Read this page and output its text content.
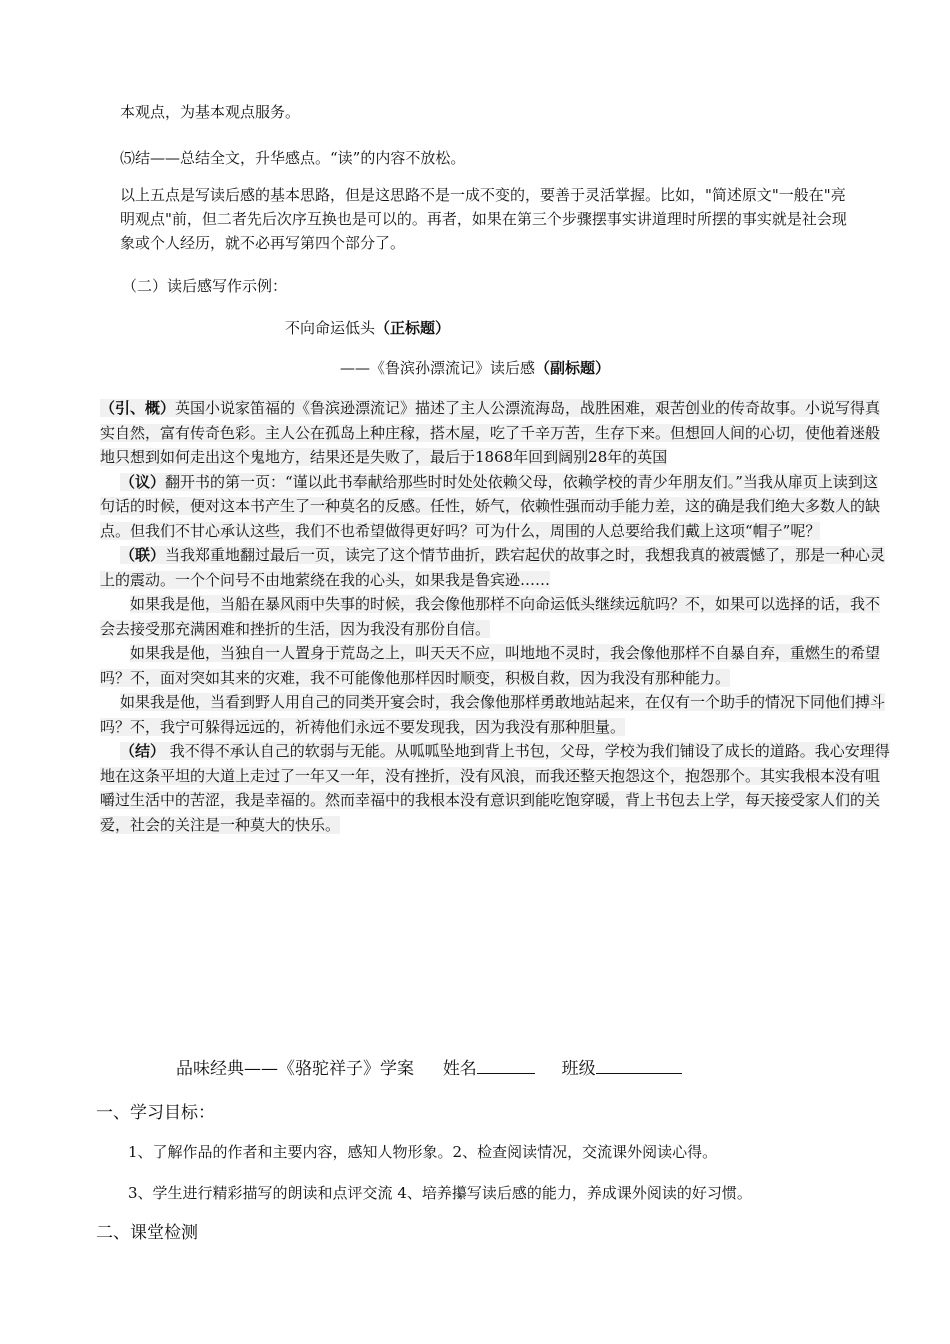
本观点，为基本观点服务。
⑸结——总结全文，升华感点。“读”的内容不放松。
以上五点是写读后感的基本思路，但是这思路不是一成不变的，要善于灵活掌握。比如，"简述原文"一般在"亮明观点"前，但二者先后次序互换也是可以的。再者，如果在第三个步骤摆事实讲道理时所摆的事实就是社会现象或个人经历，就不必再写第四个部分了。
（二）读后感写作示例：
不向命运低头（正标题）
——《鲁滨孙漂流记》读后感（副标题）
（引、概）英国小说家笛福的《鲁滨逊漂流记》描述了主人公漂流海岛，战胜困难，艰苦创业的传奇故事。小说写得真实自然，富有传奇色彩。主人公在孤岛上种庄稼，搭木屋，吃了千辛万苦，生存下来。但想回人间的心切，使他着迷般地只想到如何走出这个鬼地方，结果还是失败了，最后于1868年回到阔别28年的英国
（议）翻开书的第一页：“谨以此书奉献给那些时时处处依赖父母，依赖学校的青少年朋友们。”当我从扉页上读到这句话的时候，便对这本书产生了一种莫名的反感。任性，娇气，依赖性强而动手能力差，这的确是我们绝大多数人的缺点。但我们不甘心承认这些，我们不也希望做得更好吗？可为什么，周围的人总要给我们戴上这项“帽子”呢？
（联）当我郑重地翻过最后一页，读完了这个情节曲折，跌宕起伏的故事之时，我想我真的被震憾了，那是一种心灵上的震动。一个个问号不由地萦绕在我的心头，如果我是鲁宾逊……
如果我是他，当船在暴风雨中失事的时候，我会像他那样不向命运低头继续远航吗？不，如果可以选择的话，我不会去接受那充满困难和挫折的生活，因为我没有那份自信。
如果我是他，当独自一人置身于荒岛之上，叫天天不应，叫地地不灵时，我会像他那样不自暴自弃，重燃生的希望吗？不，面对突如其来的灾难，我不可能像他那样因时顺变，积极自救，因为我没有那种能力。
如果我是他，当看到野人用自己的同类开宴会时，我会像他那样勇敢地站起来，在仅有一个助手的情况下同他们搏斗吗？不，我宁可躲得远远的，祈祷他们永远不要发现我，因为我没有那种胆量。
（结） 我不得不承认自己的软弱与无能。从呱呱坠地到背上书包，父母，学校为我们铺设了成长的道路。我心安理得地在这条平坦的大道上走过了一年又一年，没有挫折，没有风浪，而我还整天抱怨这个，抱怨那个。其实我根本没有咀嚼过生活中的苦涩，我是幸福的。然而幸福中的我根本没有意识到能吃饱穿暖，背上书包去上学，每天接受家人们的关爱，社会的关注是一种莫大的快乐。
品味经典——《骆驼祥子》学案 姓名	班级
一、学习目标：
1、了解作品的作者和主要内容，感知人物形象。2、检查阅读情况，交流课外阅读心得。
3、学生进行精彩描写的朗读和点评交流 4、培养攥写读后感的能力，养成课外阅读的好习惯。
二、课堂检测
